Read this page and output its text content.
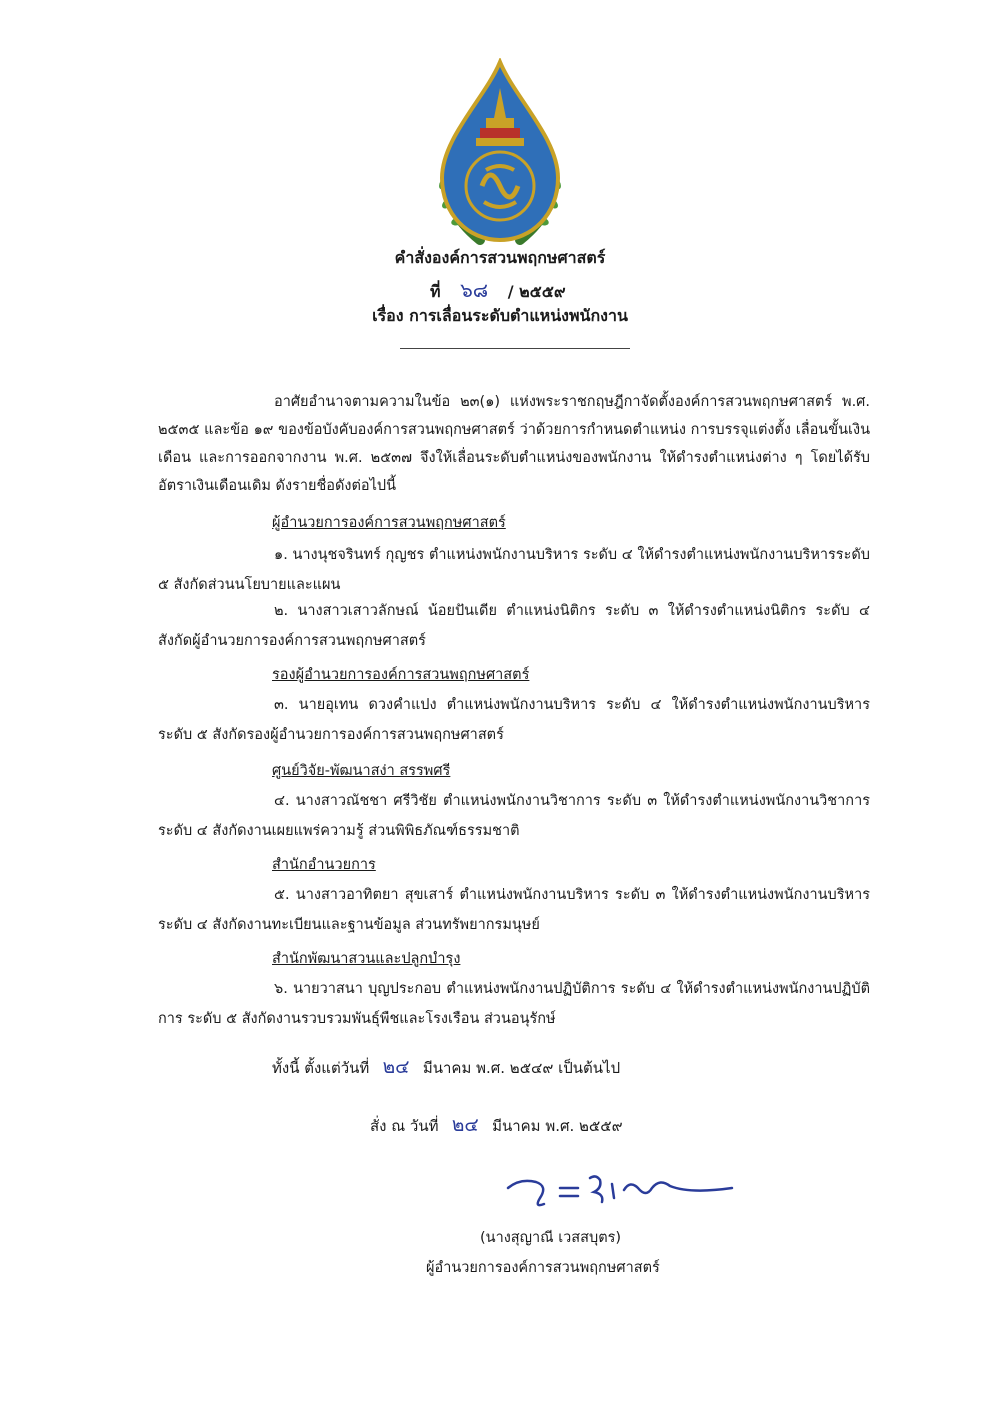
คำสั่งองค์การสวนพฤกษศาสตร์
ที่ ๖๘ / ๒๕๕๙
เรื่อง การเลื่อนระดับตำแหน่งพนักงาน
อาศัยอำนาจตามความในข้อ ๒๓(๑) แห่งพระราชกฤษฎีกาจัดตั้งองค์การสวนพฤกษศาสตร์ พ.ศ. ๒๕๓๕ และข้อ ๑๙ ของข้อบังคับองค์การสวนพฤกษศาสตร์ ว่าด้วยการกำหนดตำแหน่ง การบรรจุแต่งตั้ง เลื่อนขั้นเงินเดือน และการออกจากงาน พ.ศ. ๒๕๓๗ จึงให้เลื่อนระดับตำแหน่งของพนักงาน ให้ดำรงตำแหน่งต่าง ๆ โดยได้รับอัตราเงินเดือนเดิม ดังรายชื่อดังต่อไปนี้
ผู้อำนวยการองค์การสวนพฤกษศาสตร์
๑. นางนุชจรินทร์ กุญชร ตำแหน่งพนักงานบริหาร ระดับ ๔ ให้ดำรงตำแหน่งพนักงานบริหารระดับ ๕ สังกัดส่วนนโยบายและแผน
๒. นางสาวเสาวลักษณ์ น้อยปันเดีย ตำแหน่งนิติกร ระดับ ๓ ให้ดำรงตำแหน่งนิติกร ระดับ ๔ สังกัดผู้อำนวยการองค์การสวนพฤกษศาสตร์
รองผู้อำนวยการองค์การสวนพฤกษศาสตร์
๓. นายอุเทน ดวงคำแปง ตำแหน่งพนักงานบริหาร ระดับ ๔ ให้ดำรงตำแหน่งพนักงานบริหารระดับ ๕ สังกัดรองผู้อำนวยการองค์การสวนพฤกษศาสตร์
ศูนย์วิจัย-พัฒนาสง่า สรรพศรี
๔. นางสาวณัชชา ศรีวิชัย ตำแหน่งพนักงานวิชาการ ระดับ ๓ ให้ดำรงตำแหน่งพนักงานวิชาการ ระดับ ๔ สังกัดงานเผยแพร่ความรู้ ส่วนพิพิธภัณฑ์ธรรมชาติ
สำนักอำนวยการ
๕. นางสาวอาทิตยา สุขเสาร์ ตำแหน่งพนักงานบริหาร ระดับ ๓ ให้ดำรงตำแหน่งพนักงานบริหาร ระดับ ๔ สังกัดงานทะเบียนและฐานข้อมูล ส่วนทรัพยากรมนุษย์
สำนักพัฒนาสวนและปลูกบำรุง
๖. นายวาสนา บุญประกอบ ตำแหน่งพนักงานปฏิบัติการ ระดับ ๔ ให้ดำรงตำแหน่งพนักงานปฏิบัติการ ระดับ ๕ สังกัดงานรวบรวมพันธุ์พืชและโรงเรือน ส่วนอนุรักษ์
ทั้งนี้ ตั้งแต่วันที่ ๒๔ มีนาคม พ.ศ. ๒๕๔๙ เป็นต้นไป
สั่ง ณ วันที่ ๒๔ มีนาคม พ.ศ. ๒๕๕๙
(นางสุญาณี เวสสบุตร)
ผู้อำนวยการองค์การสวนพฤกษศาสตร์
